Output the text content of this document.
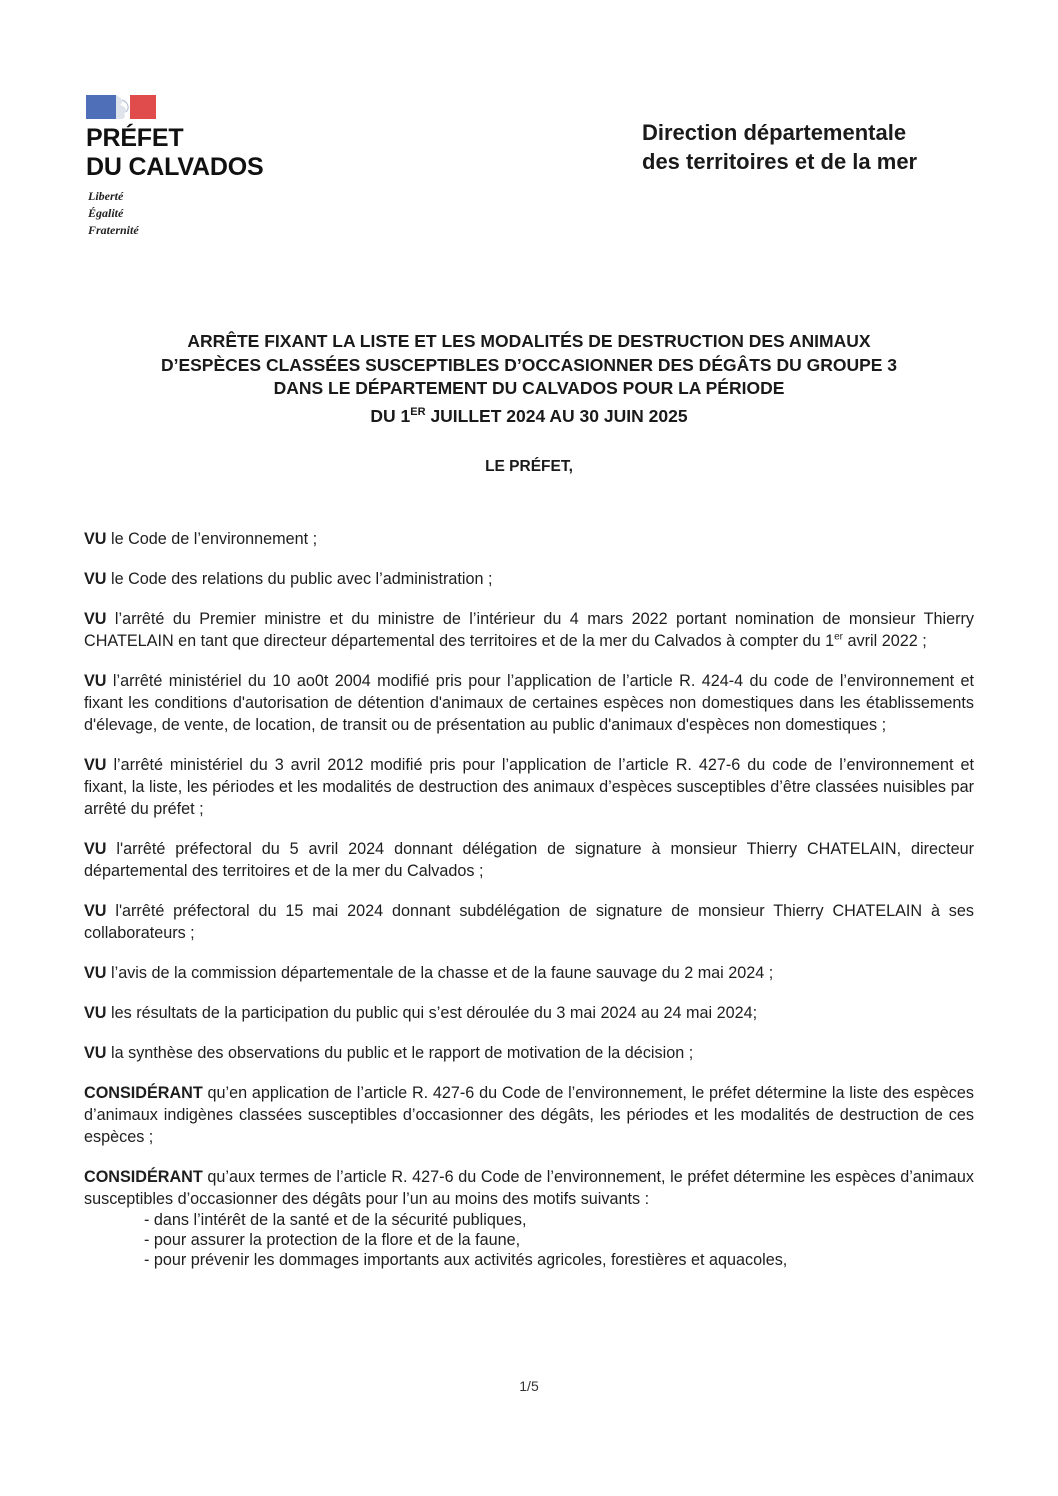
PRÉFET
DU CALVADOS
Liberté
Égalité
Fraternité
Direction départementale
des territoires et de la mer
ARRÊTE FIXANT LA LISTE ET LES MODALITÉS DE DESTRUCTION DES ANIMAUX
D’ESPÈCES CLASSÉES SUSCEPTIBLES D’OCCASIONNER DES DÉGÂTS DU GROUPE 3
DANS LE DÉPARTEMENT DU CALVADOS POUR LA PÉRIODE
DU 1ER JUILLET 2024 AU 30 JUIN 2025
LE PRÉFET,

VU le Code de l’environnement ;

VU le Code des relations du public avec l’administration ;

VU l’arrêté du Premier ministre et du ministre de l’intérieur du 4 mars 2022 portant nomination de monsieur Thierry CHATELAIN en tant que directeur départemental des territoires et de la mer du Calvados à compter du 1er avril 2022 ;

VU l’arrêté ministériel du 10 ao0t 2004 modifié pris pour l’application de l’article R. 424-4 du code de l’environnement et fixant les conditions d'autorisation de détention d'animaux de certaines espèces non domestiques dans les établissements d'élevage, de vente, de location, de transit ou de présentation au public d'animaux d'espèces non domestiques ;

VU l’arrêté ministériel du 3 avril 2012 modifié pris pour l’application de l’article R. 427-6 du code de l’environnement et fixant, la liste, les périodes et les modalités de destruction des animaux d’espèces susceptibles d’être classées nuisibles par arrêté du préfet ;

VU l'arrêté préfectoral du 5 avril 2024 donnant délégation de signature à monsieur Thierry CHATELAIN, directeur départemental des territoires et de la mer du Calvados ;

VU l'arrêté préfectoral du 15 mai 2024 donnant subdélégation de signature de monsieur Thierry CHATELAIN à ses collaborateurs ;

VU l’avis de la commission départementale de la chasse et de la faune sauvage du 2 mai 2024 ;

VU les résultats de la participation du public qui s’est déroulée du 3 mai 2024 au 24 mai 2024;

VU la synthèse des observations du public et le rapport de motivation de la décision ;

CONSIDÉRANT qu’en application de l’article R. 427-6 du Code de l’environnement, le préfet détermine la liste des espèces d’animaux indigènes classées susceptibles d’occasionner des dégâts, les périodes et les modalités de destruction de ces espèces ;

CONSIDÉRANT qu’aux termes de l’article R. 427-6 du Code de l’environnement, le préfet détermine les espèces d’animaux susceptibles d’occasionner des dégâts pour l’un au moins des motifs suivants :

- dans l’intérêt de la santé et de la sécurité publiques,
- pour assurer la protection de la flore et de la faune,
- pour prévenir les dommages importants aux activités agricoles, forestières et aquacoles,
1/5
